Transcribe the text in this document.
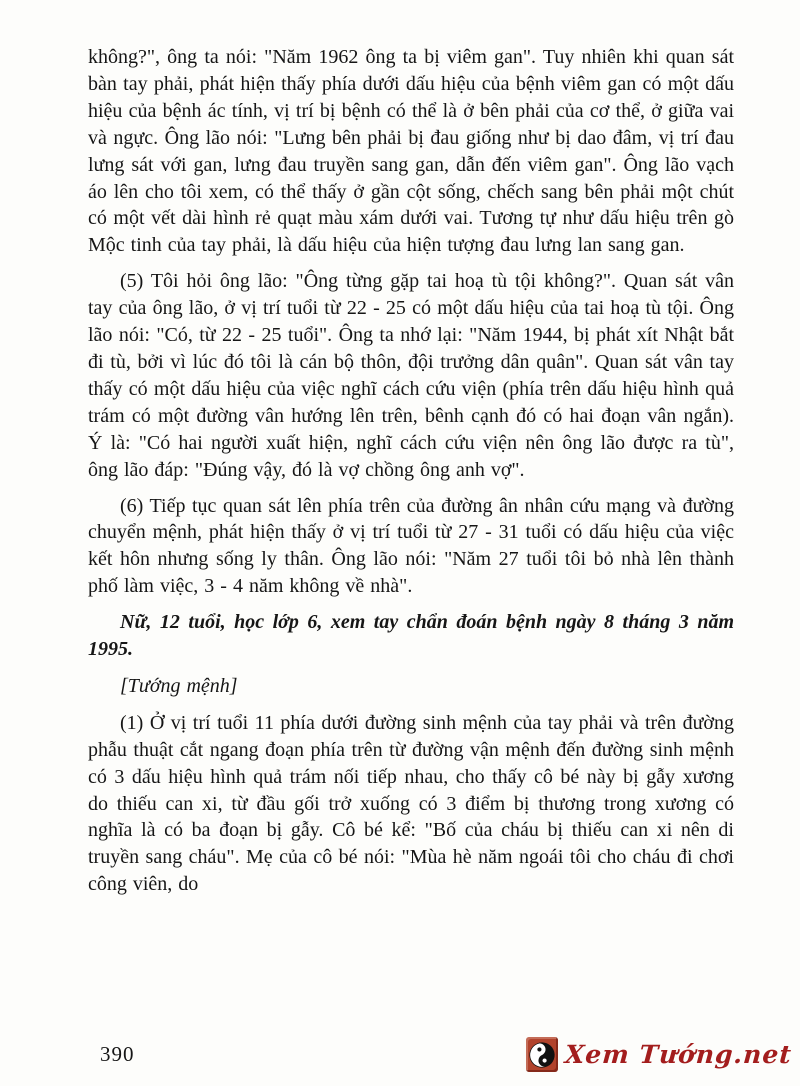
không?", ông ta nói: "Năm 1962 ông ta bị viêm gan". Tuy nhiên khi quan sát bàn tay phải, phát hiện thấy phía dưới dấu hiệu của bệnh viêm gan có một dấu hiệu của bệnh ác tính, vị trí bị bệnh có thể là ở bên phải của cơ thể, ở giữa vai và ngực. Ông lão nói: "Lưng bên phải bị đau giống như bị dao đâm, vị trí đau lưng sát với gan, lưng đau truyền sang gan, dẫn đến viêm gan". Ông lão vạch áo lên cho tôi xem, có thể thấy ở gần cột sống, chếch sang bên phải một chút có một vết dài hình rẻ quạt màu xám dưới vai. Tương tự như dấu hiệu trên gò Mộc tinh của tay phải, là dấu hiệu của hiện tượng đau lưng lan sang gan.

(5) Tôi hỏi ông lão: "Ông từng gặp tai hoạ tù tội không?". Quan sát vân tay của ông lão, ở vị trí tuổi từ 22 - 25 có một dấu hiệu của tai hoạ tù tội. Ông lão nói: "Có, từ 22 - 25 tuổi". Ông ta nhớ lại: "Năm 1944, bị phát xít Nhật bắt đi tù, bởi vì lúc đó tôi là cán bộ thôn, đội trưởng dân quân". Quan sát vân tay thấy có một dấu hiệu của việc nghĩ cách cứu viện (phía trên dấu hiệu hình quả trám có một đường vân hướng lên trên, bênh cạnh đó có hai đoạn vân ngắn). Ý là: "Có hai người xuất hiện, nghĩ cách cứu viện nên ông lão được ra tù", ông lão đáp: "Đúng vậy, đó là vợ chồng ông anh vợ".

(6) Tiếp tục quan sát lên phía trên của đường ân nhân cứu mạng và đường chuyển mệnh, phát hiện thấy ở vị trí tuổi từ 27 - 31 tuổi có dấu hiệu của việc kết hôn nhưng sống ly thân. Ông lão nói: "Năm 27 tuổi tôi bỏ nhà lên thành phố làm việc, 3 - 4 năm không về nhà".

Nữ, 12 tuổi, học lớp 6, xem tay chẩn đoán bệnh ngày 8 tháng 3 năm 1995.

[Tướng mệnh]

(1) Ở vị trí tuổi 11 phía dưới đường sinh mệnh của tay phải và trên đường phẫu thuật cắt ngang đoạn phía trên từ đường vận mệnh đến đường sinh mệnh có 3 dấu hiệu hình quả trám nối tiếp nhau, cho thấy cô bé này bị gẫy xương do thiếu can xi, từ đầu gối trở xuống có 3 điểm bị thương trong xương có nghĩa là có ba đoạn bị gẫy. Cô bé kể: "Bố của cháu bị thiếu can xi nên di truyền sang cháu". Mẹ của cô bé nói: "Mùa hè năm ngoái tôi cho cháu đi chơi công viên, do

390	Xem Tướng.net
